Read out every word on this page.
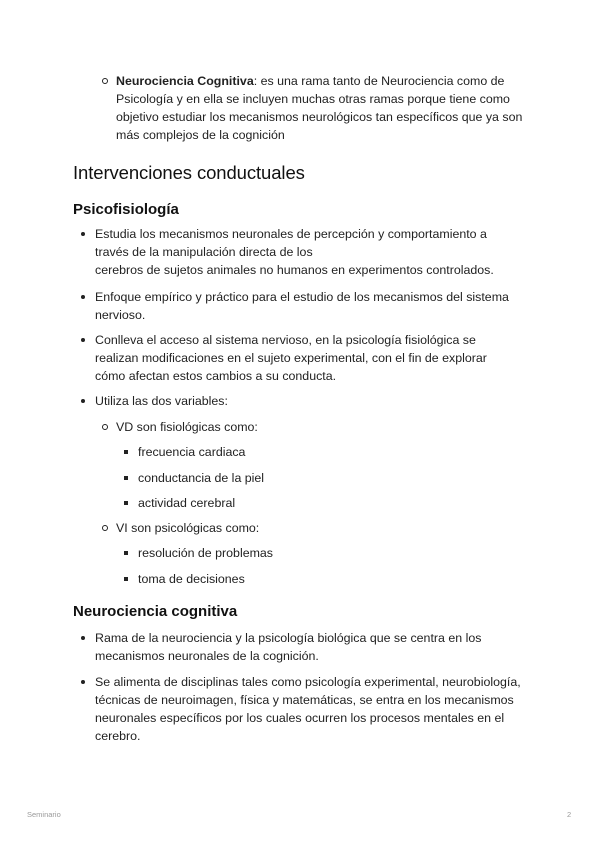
Neurociencia Cognitiva: es una rama tanto de Neurociencia como de Psicología y en ella se incluyen muchas otras ramas porque tiene como objetivo estudiar los mecanismos neurológicos tan específicos que ya son más complejos de la cognición
Intervenciones conductuales
Psicofisiología
Estudia los mecanismos neuronales de percepción y comportamiento a
través de la manipulación directa de los
cerebros de sujetos animales no humanos en experimentos controlados.
Enfoque empírico y práctico para el estudio de los mecanismos del sistema nervioso.
Conlleva el acceso al sistema nervioso, en la psicología fisiológica se realizan modificaciones en el sujeto experimental, con el fin de explorar cómo afectan estos cambios a su conducta.
Utiliza las dos variables:
VD son fisiológicas como:
frecuencia cardiaca
conductancia de la piel
actividad cerebral
VI son psicológicas como:
resolución de problemas
toma de decisiones
Neurociencia cognitiva
Rama de la neurociencia y la psicología biológica que se centra en los mecanismos neuronales de la cognición.
Se alimenta de disciplinas tales como psicología experimental, neurobiología, técnicas de neuroimagen, física y matemáticas, se entra en los mecanismos neuronales específicos por los cuales ocurren los procesos mentales en el cerebro.
Seminario	2
